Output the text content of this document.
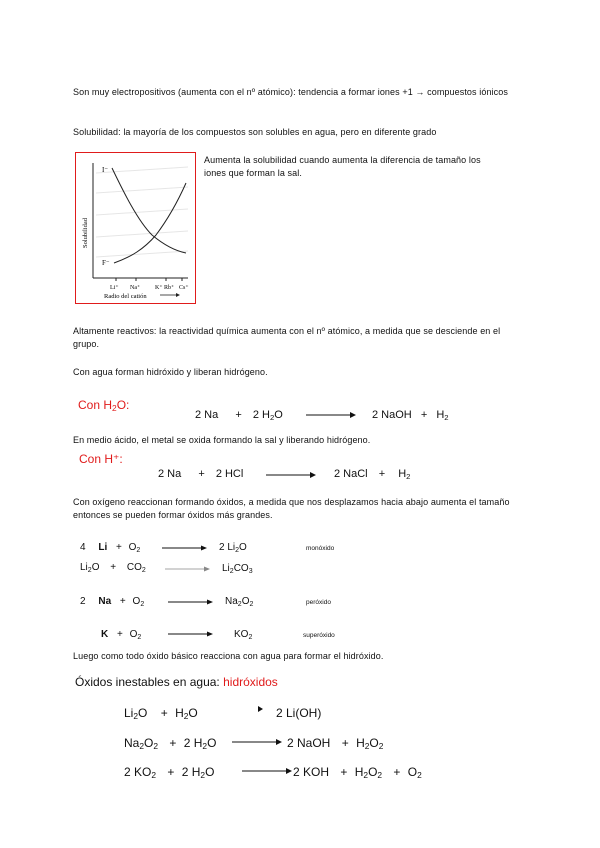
Son muy electropositivos (aumenta con el nº atómico): tendencia a formar iones +1 → compuestos iónicos
Solubilidad: la mayoría de los compuestos son solubles en agua, pero en diferente grado
I⁻
F⁻
Solubilidad
Li⁺ Na⁺ K⁺ Rb⁺ Cs⁺
Radio del catión
Aumenta la solubilidad cuando aumenta la diferencia de tamaño los iones que forman la sal.
Altamente reactivos: la reactividad química aumenta con el nº atómico, a medida que se desciende en el grupo.
Con agua forman hidróxido y liberan hidrógeno.
Con $H_2O$:
2 Na + 2 $H_2O$	2 NaOH + $H_2$
En medio ácido, el metal se oxida formando la sal y liberando hidrógeno.
Con H⁺:
2 Na + 2 HCl	2 NaCl + $H_2$
Con oxígeno reaccionan formando óxidos, a medida que nos desplazamos hacia abajo aumenta el tamaño entonces se pueden formar óxidos más grandes.
4 $Li + O_2$	2 $Li_2O$	monóxido
$Li_2O + CO_2$	$Li_2CO_3$
2 $Na + O_2$	$Na_2O_2$	peróxido
$K + O_2$	$KO_2$	superóxido
Luego como todo óxido básico reacciona con agua para formar el hidróxido.
Óxidos inestables en agua: hidróxidos
$Li_2O + H_2O$	2 Li(OH)
$Na_2O_2 + 2$ $H_2O$	2 NaOH + $H_2O_2$
2 $KO_2 + 2$ $H_2O$	2 KOH + $H_2O_2 + O_2$
